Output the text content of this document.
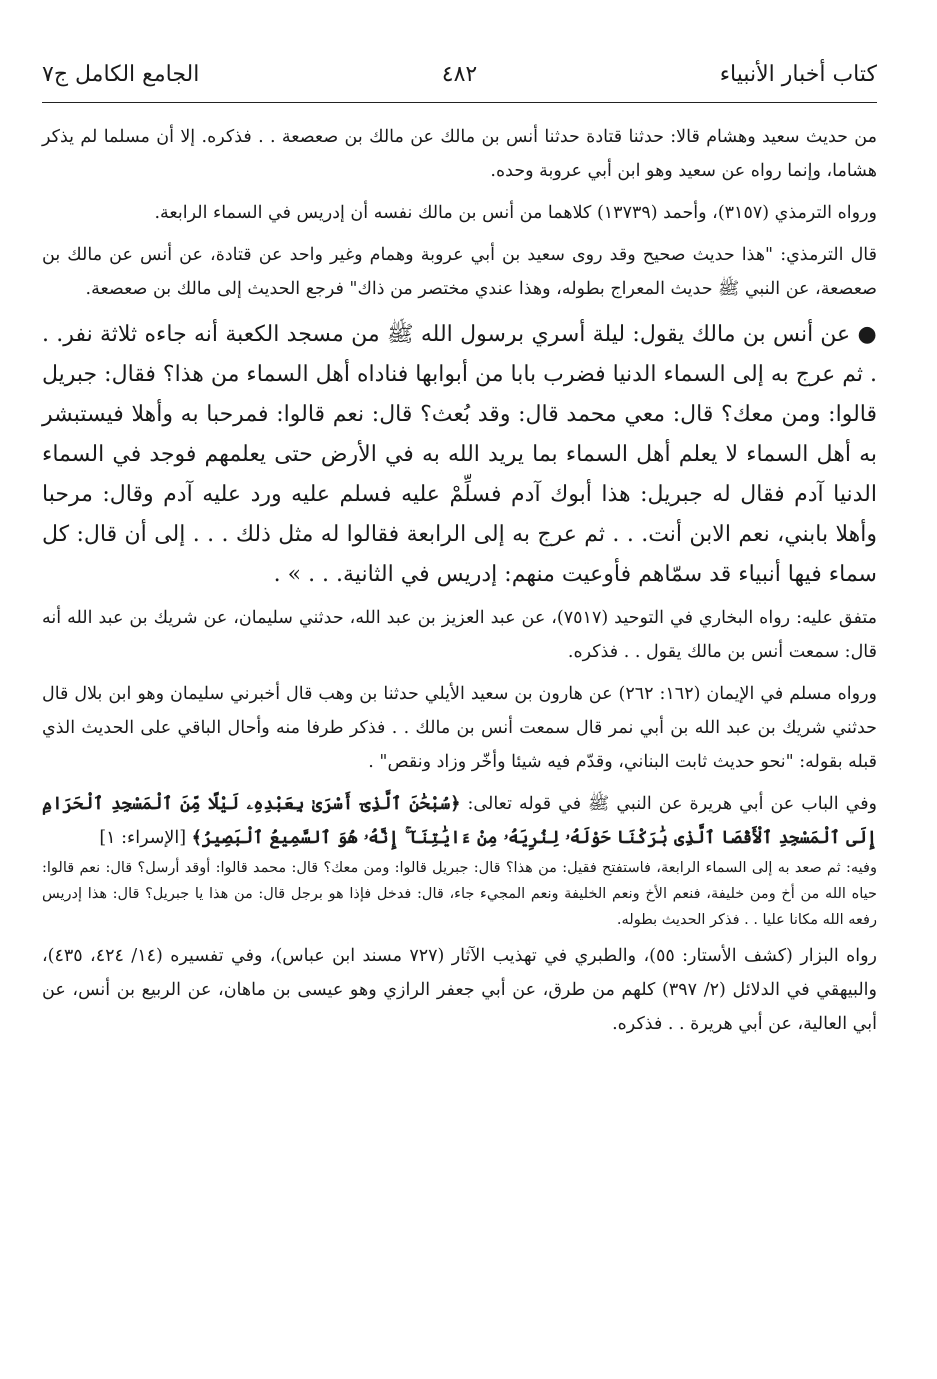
كتاب أخبار الأنبياء
٤٨٢
الجامع الكامل ج٧

من حديث سعيد وهشام قالا: حدثنا قتادة حدثنا أنس بن مالك عن مالك بن صعصعة . . فذكره. إلا أن مسلما لم يذكر هشاما، وإنما رواه عن سعيد وهو ابن أبي عروبة وحده.

ورواه الترمذي (٣١٥٧)، وأحمد (١٣٧٣٩) كلاهما من أنس بن مالك نفسه أن إدريس في السماء الرابعة.

قال الترمذي: "هذا حديث صحيح وقد روى سعيد بن أبي عروبة وهمام وغير واحد عن قتادة، عن أنس عن مالك بن صعصعة، عن النبي ﷺ حديث المعراج بطوله، وهذا عندي مختصر من ذاك" فرجع الحديث إلى مالك بن صعصعة.

● عن أنس بن مالك يقول: ليلة أسري برسول الله ﷺ من مسجد الكعبة أنه جاءه ثلاثة نفر. . . ثم عرج به إلى السماء الدنيا فضرب بابا من أبوابها فناداه أهل السماء من هذا؟ فقال: جبريل قالوا: ومن معك؟ قال: معي محمد قال: وقد بُعث؟ قال: نعم قالوا: فمرحبا به وأهلا فيستبشر به أهل السماء لا يعلم أهل السماء بما يريد الله به في الأرض حتى يعلمهم فوجد في السماء الدنيا آدم فقال له جبريل: هذا أبوك آدم فسلِّمْ عليه فسلم عليه ورد عليه آدم وقال: مرحبا وأهلا بابني، نعم الابن أنت. . . ثم عرج به إلى الرابعة فقالوا له مثل ذلك . . . إلى أن قال: كل سماء فيها أنبياء قد سمّاهم فأوعيت منهم: إدريس في الثانية. . . » .

متفق عليه: رواه البخاري في التوحيد (٧٥١٧)، عن عبد العزيز بن عبد الله، حدثني سليمان، عن شريك بن عبد الله أنه قال: سمعت أنس بن مالك يقول . . فذكره.

ورواه مسلم في الإيمان (١٦٢: ٢٦٢) عن هارون بن سعيد الأيلي حدثنا بن وهب قال أخبرني سليمان وهو ابن بلال قال حدثني شريك بن عبد الله بن أبي نمر قال سمعت أنس بن مالك . . فذكر طرفا منه وأحال الباقي على الحديث الذي قبله بقوله: "نحو حديث ثابت البناني، وقدّم فيه شيئا وأخّر وزاد ونقص" .

وفي الباب عن أبي هريرة عن النبي ﷺ في قوله تعالى: ﴿سُبْحَٰنَ ٱلَّذِىٓ أَسْرَىٰ بِعَبْدِهِۦ لَيْلًا مِّنَ ٱلْمَسْجِدِ ٱلْحَرَامِ إِلَى ٱلْمَسْجِدِ ٱلْأَقْصَا ٱلَّذِى بَٰرَكْنَا حَوْلَهُۥ لِنُرِيَهُۥ مِنْ ءَايَٰتِنَآ ۚ إِنَّهُۥ هُوَ ٱلسَّمِيعُ ٱلْبَصِيرُ﴾ [الإسراء: ١]

وفيه: ثم صعد به إلى السماء الرابعة، فاستفتح فقيل: من هذا؟ قال: جبريل قالوا: ومن معك؟ قال: محمد قالوا: أوقد أرسل؟ قال: نعم قالوا: حياه الله من أخ ومن خليفة، فنعم الأخ ونعم الخليفة ونعم المجيء جاء، قال: فدخل فإذا هو برجل قال: من هذا يا جبريل؟ قال: هذا إدريس رفعه الله مكانا عليا . . فذكر الحديث بطوله.

رواه البزار (كشف الأستار: ٥٥)، والطبري في تهذيب الآثار (٧٢٧ مسند ابن عباس)، وفي تفسيره (١٤/ ٤٢٤، ٤٣٥)، والبيهقي في الدلائل (٢/ ٣٩٧) كلهم من طرق، عن أبي جعفر الرازي وهو عيسى بن ماهان، عن الربيع بن أنس، عن أبي العالية، عن أبي هريرة . . فذكره.
